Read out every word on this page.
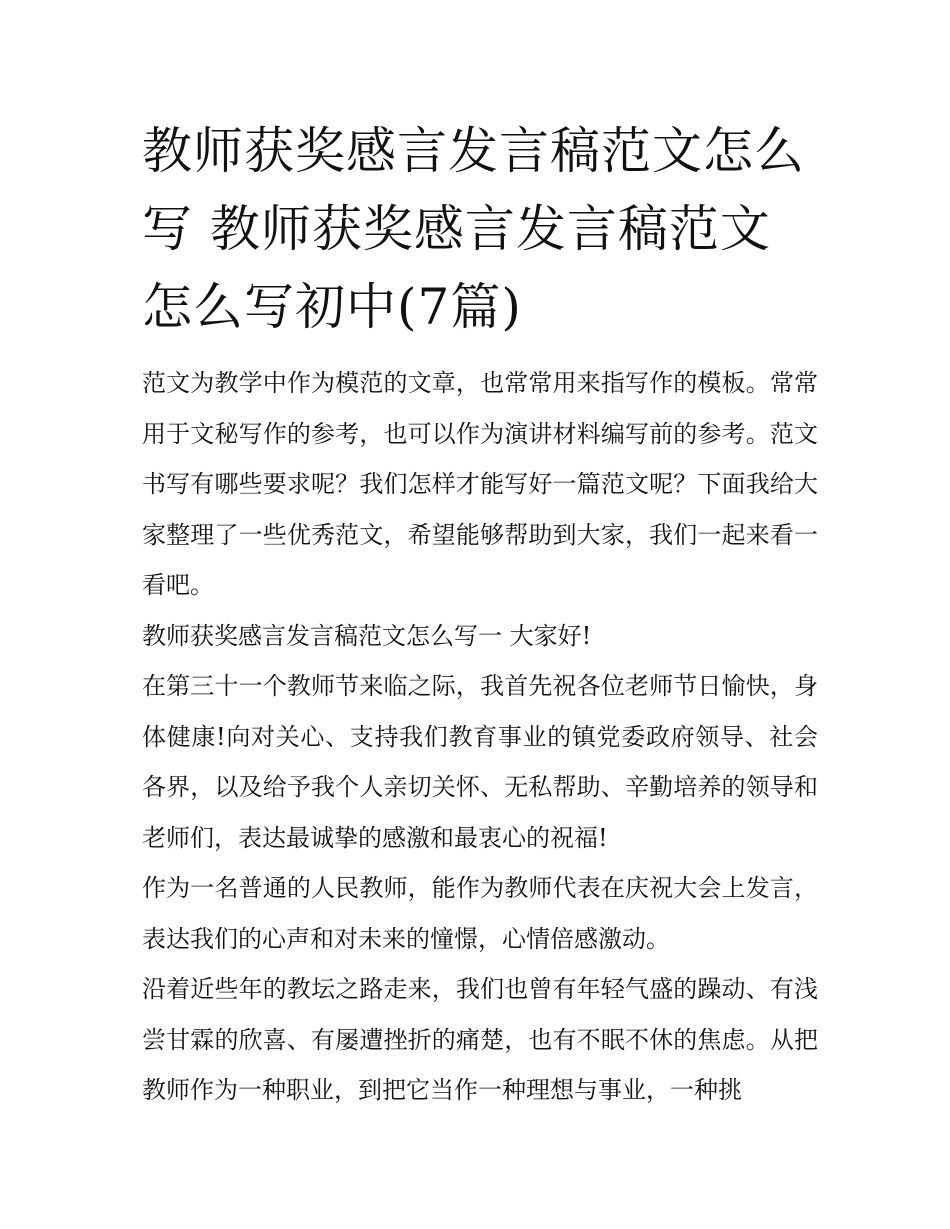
教师获奖感言发言稿范文怎么写 教师获奖感言发言稿范文怎么写初中(7篇)

范文为教学中作为模范的文章，也常常用来指写作的模板。常常用于文秘写作的参考，也可以作为演讲材料编写前的参考。范文书写有哪些要求呢？我们怎样才能写好一篇范文呢？下面我给大家整理了一些优秀范文，希望能够帮助到大家，我们一起来看一看吧。

教师获奖感言发言稿范文怎么写一 大家好!

在第三十一个教师节来临之际，我首先祝各位老师节日愉快，身体健康!向对关心、支持我们教育事业的镇党委政府领导、社会各界，以及给予我个人亲切关怀、无私帮助、辛勤培养的领导和老师们，表达最诚挚的感激和最衷心的祝福!

作为一名普通的人民教师，能作为教师代表在庆祝大会上发言，表达我们的心声和对未来的憧憬，心情倍感激动。

沿着近些年的教坛之路走来，我们也曾有年轻气盛的躁动、有浅尝甘霖的欣喜、有屡遭挫折的痛楚，也有不眠不休的焦虑。从把教师作为一种职业，到把它当作一种理想与事业，一种挑
